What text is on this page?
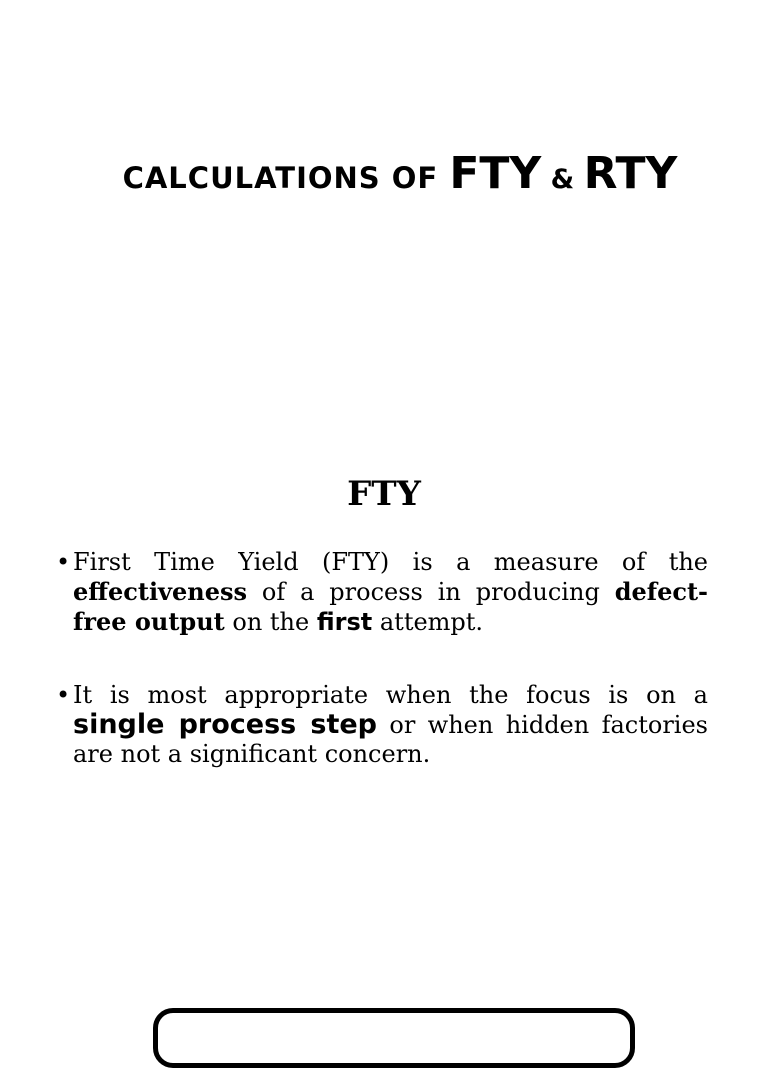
CALCULATIONS OF FTY & RTY
FTY
• First Time Yield (FTY) is a measure of the effectiveness of a process in producing defect-free output on the first attempt.
• It is most appropriate when the focus is on a single process step or when hidden factories are not a significant concern.
